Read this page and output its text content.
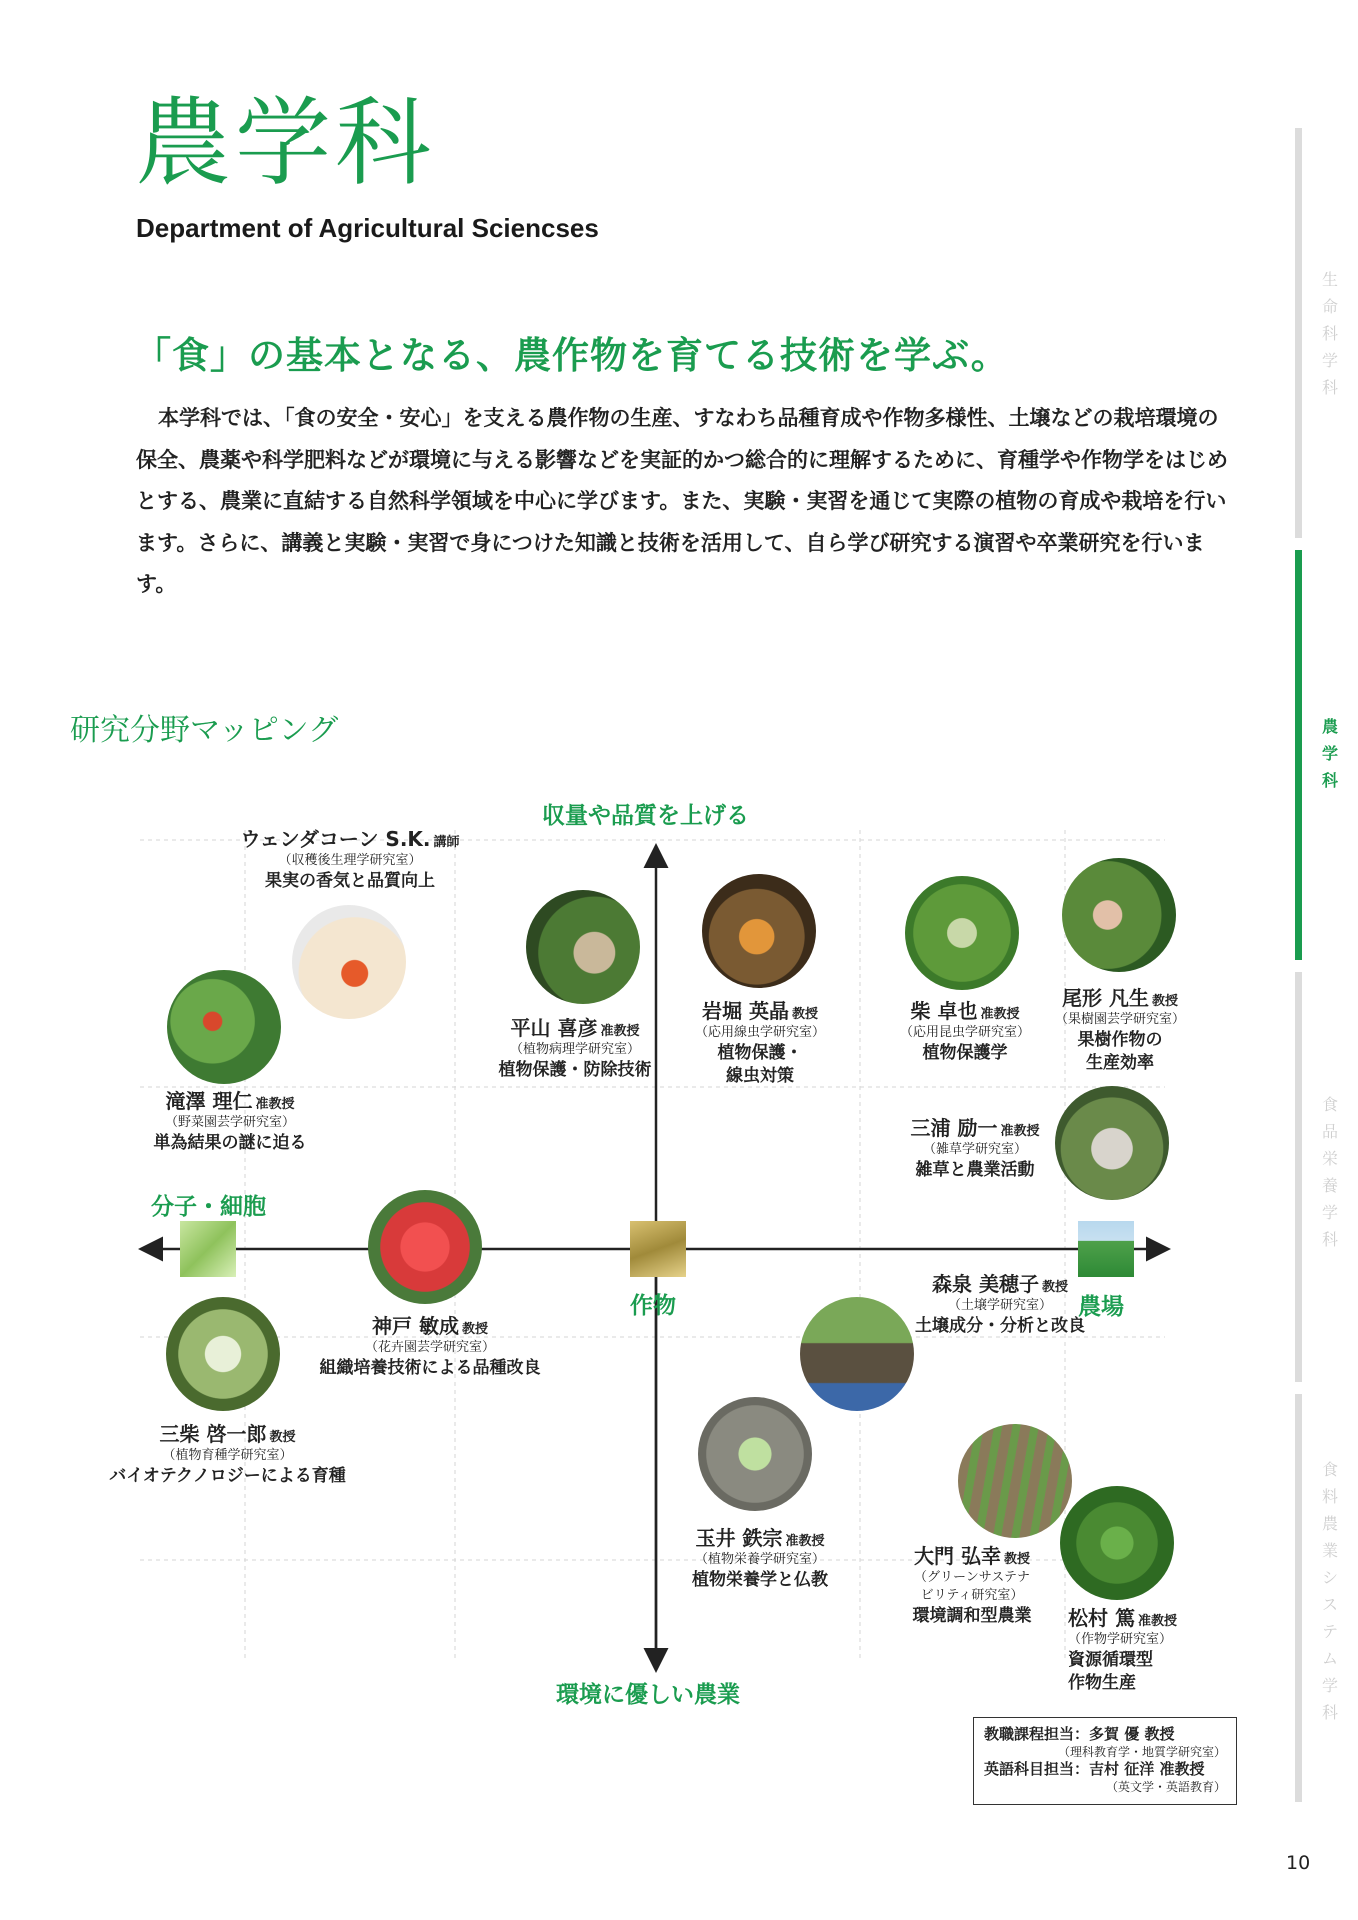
農学科
Department of Agricultural Sciencses
「食」の基本となる、農作物を育てる技術を学ぶ。
本学科では、「食の安全・安心」を支える農作物の生産、すなわち品種育成や作物多様性、土壌などの栽培環境の保全、農薬や科学肥料などが環境に与える影響などを実証的かつ総合的に理解するために、育種学や作物学をはじめとする、農業に直結する自然科学領域を中心に学びます。また、実験・実習を通じて実際の植物の育成や栽培を行います。さらに、講義と実験・実習で身につけた知識と技術を活用して、自ら学び研究する演習や卒業研究を行います。
研究分野マッピング
生
命
科
学
科
農
学
科
食
品
栄
養
学
科
食
料
農
業
シ
ス
テ
ム
学
科
収量や品質を上げる
環境に優しい農業
分子・細胞
農場
作物
ウェンダコーン S.K. 講師
（収穫後生理学研究室）
果実の香気と品質向上
滝澤 理仁 准教授
（野菜園芸学研究室）
単為結果の謎に迫る
平山 喜彦 准教授
（植物病理学研究室）
植物保護・防除技術
岩堀 英晶 教授
（応用線虫学研究室）
植物保護・
線虫対策
柴 卓也 准教授
（応用昆虫学研究室）
植物保護学
尾形 凡生 教授
（果樹園芸学研究室）
果樹作物の
生産効率
三浦 励一 准教授
（雑草学研究室）
雑草と農業活動
神戸 敏成 教授
（花卉園芸学研究室）
組織培養技術による品種改良
森泉 美穂子 教授
（土壌学研究室）
土壌成分・分析と改良
三柴 啓一郎 教授
（植物育種学研究室）
バイオテクノロジーによる育種
玉井 鉄宗 准教授
（植物栄養学研究室）
植物栄養学と仏教
大門 弘幸 教授
（グリーンサステナ
ビリティ研究室）
環境調和型農業	松村 篤 准教授
（作物学研究室）
資源循環型
作物生産
教職課程担当：多賀 優 教授
（理科教育学・地質学研究室）
英語科目担当：吉村 征洋 准教授
（英文学・英語教育）
10
